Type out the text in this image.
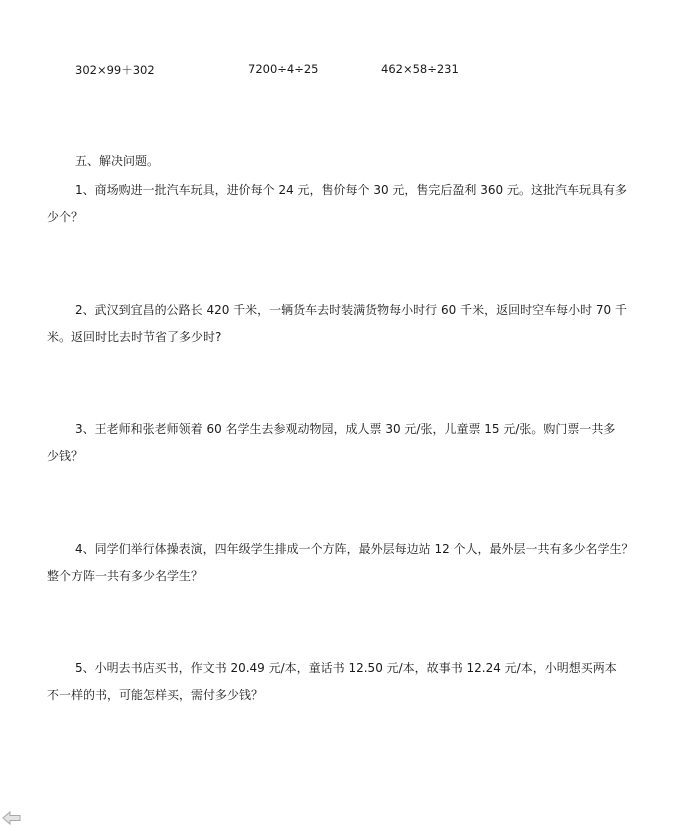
302×99＋302	7200÷4÷25	462×58÷231
五、解决问题。
1、商场购进一批汽车玩具，进价每个 24 元，售价每个 30 元，售完后盈利 360 元。这批汽车玩具有多
少个？
2、武汉到宜昌的公路长 420 千米，一辆货车去时装满货物每小时行 60 千米，返回时空车每小时 70 千
米。返回时比去时节省了多少时?
3、王老师和张老师领着 60 名学生去参观动物园，成人票 30 元/张，儿童票 15 元/张。购门票一共多
少钱？
4、同学们举行体操表演，四年级学生排成一个方阵，最外层每边站 12 个人，最外层一共有多少名学生？
整个方阵一共有多少名学生？
5、小明去书店买书，作文书 20.49 元/本，童话书 12.50 元/本，故事书 12.24 元/本，小明想买两本
不一样的书，可能怎样买，需付多少钱？
